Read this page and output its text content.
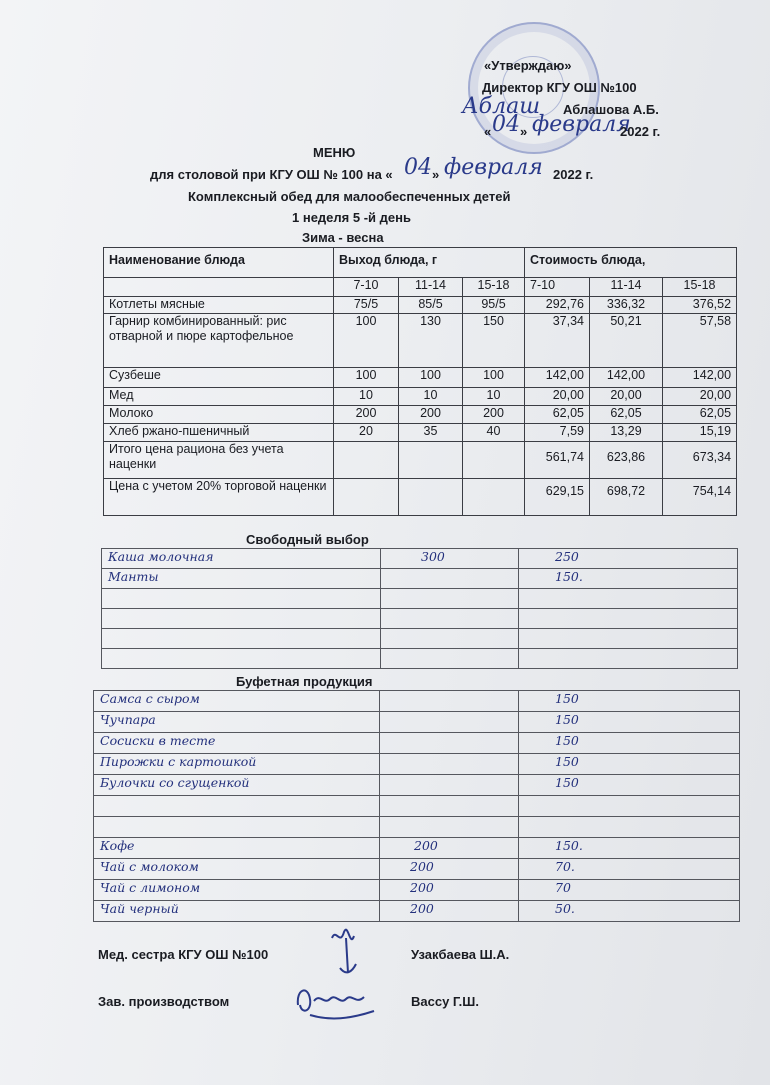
«Утверждаю»
Директор КГУ ОШ №100
Аблаш Аблашова А.Б.
« 04 » февраля
2022 г.
МЕНЮ
для столовой при КГУ ОШ № 100 на « 04 » февраля 2022 г.
Комплексный обед для малообеспеченных детей
1 неделя 5 -й день
Зима - весна
Наименование блюда	Выход блюда, г			Стоимость блюда,		
	7-10	11-14	15-18	7-10	11-14	15-18
Котлеты мясные	75/5	85/5	95/5	292,76	336,32	376,52
Гарнир комбинированный: рис отварной и пюре картофельное	100	130	150	37,34	50,21	57,58
Сузбеше	100	100	100	142,00	142,00	142,00
Мед	10	10	10	20,00	20,00	20,00
Молоко	200	200	200	62,05	62,05	62,05
Хлеб ржано-пшеничный	20	35	40	7,59	13,29	15,19
Итого цена рациона без учета наценки				561,74	623,86	673,34
Цена с учетом 20% торговой наценки				629,15	698,72	754,14
Свободный выбор
Каша молочная	300	250
Манты		150.

Буфетная продукция
Самса с сыром		150
Чучпара		150
Сосиски в тесте		150
Пирожки с картошкой		150
Булочки со сгущенкой		150

Кофе	200	150.
Чай с молоком	200	70.
Чай с лимоном	200	70
Чай черный	200	50.
Мед. сестра КГУ ОШ №100	Узакбаева Ш.А.
Зав. производством	Вассу Г.Ш.
